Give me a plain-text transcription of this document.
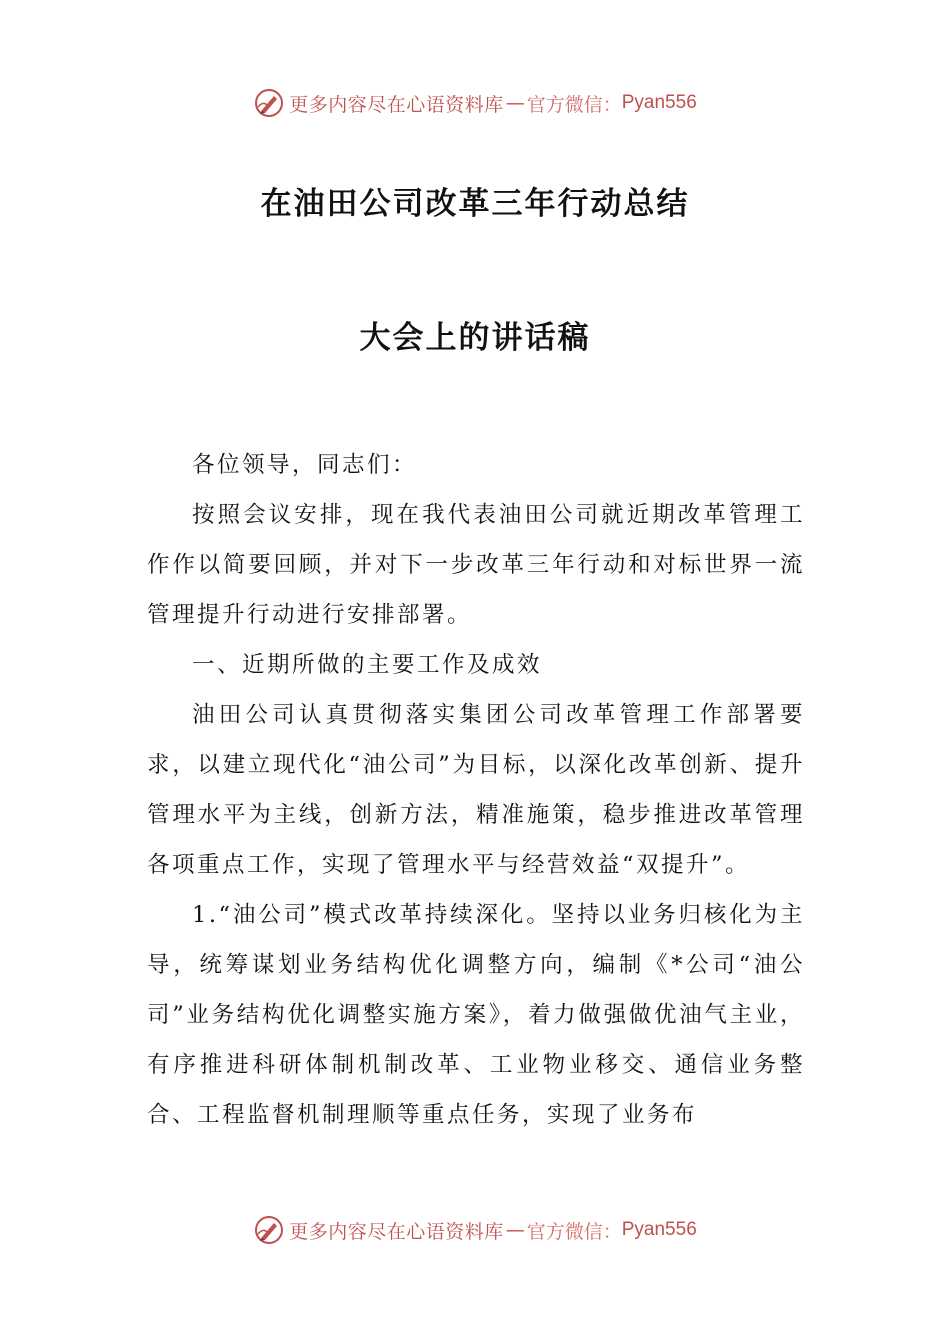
更多内容尽在心语资料库 — 官方微信： Pyan556
在油田公司改革三年行动总结
大会上的讲话稿

各位领导，同志们：

按照会议安排，现在我代表油田公司就近期改革管理工作作以简要回顾，并对下一步改革三年行动和对标世界一流管理提升行动进行安排部署。

一、近期所做的主要工作及成效

油田公司认真贯彻落实集团公司改革管理工作部署要求，以建立现代化“油公司”为目标，以深化改革创新、提升管理水平为主线，创新方法，精准施策，稳步推进改革管理各项重点工作，实现了管理水平与经营效益“双提升”。

1.“油公司”模式改革持续深化。坚持以业务归核化为主导，统筹谋划业务结构优化调整方向，编制《*公司“油公司”业务结构优化调整实施方案》，着力做强做优油气主业，有序推进科研体制机制改革、工业物业移交、通信业务整合、工程监督机制理顺等重点任务，实现了业务布

更多内容尽在心语资料库 — 官方微信： Pyan556
